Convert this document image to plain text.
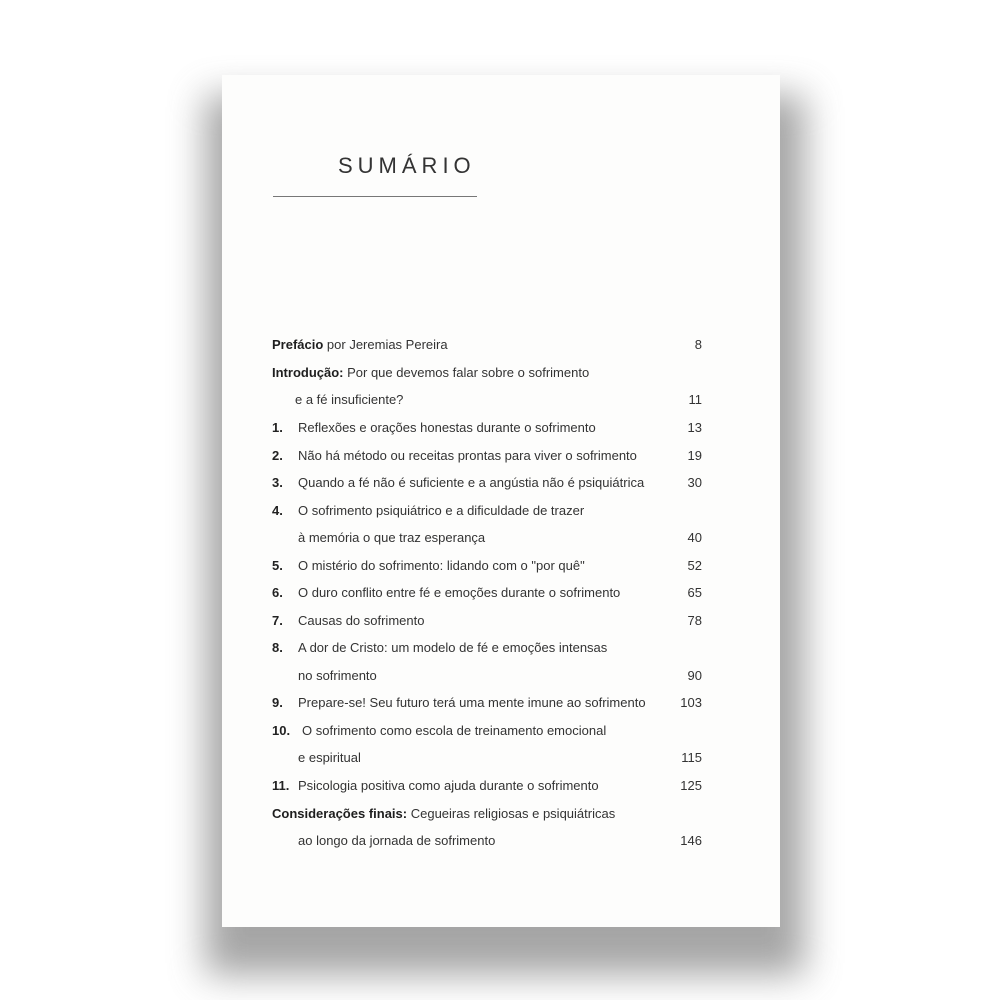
SUMÁRIO
Prefácio por Jeremias Pereira	8
Introdução: Por que devemos falar sobre o sofrimento
e a fé insuficiente?	11
1. Reflexões e orações honestas durante o sofrimento	13
2. Não há método ou receitas prontas para viver o sofrimento	19
3. Quando a fé não é suficiente e a angústia não é psiquiátrica	30
4. O sofrimento psiquiátrico e a dificuldade de trazer
à memória o que traz esperança	40
5. O mistério do sofrimento: lidando com o "por quê"	52
6. O duro conflito entre fé e emoções durante o sofrimento	65
7. Causas do sofrimento	78
8. A dor de Cristo: um modelo de fé e emoções intensas
no sofrimento	90
9. Prepare-se! Seu futuro terá uma mente imune ao sofrimento	103
10. O sofrimento como escola de treinamento emocional
e espiritual	115
11. Psicologia positiva como ajuda durante o sofrimento	125
Considerações finais: Cegueiras religiosas e psiquiátricas
ao longo da jornada de sofrimento	146
